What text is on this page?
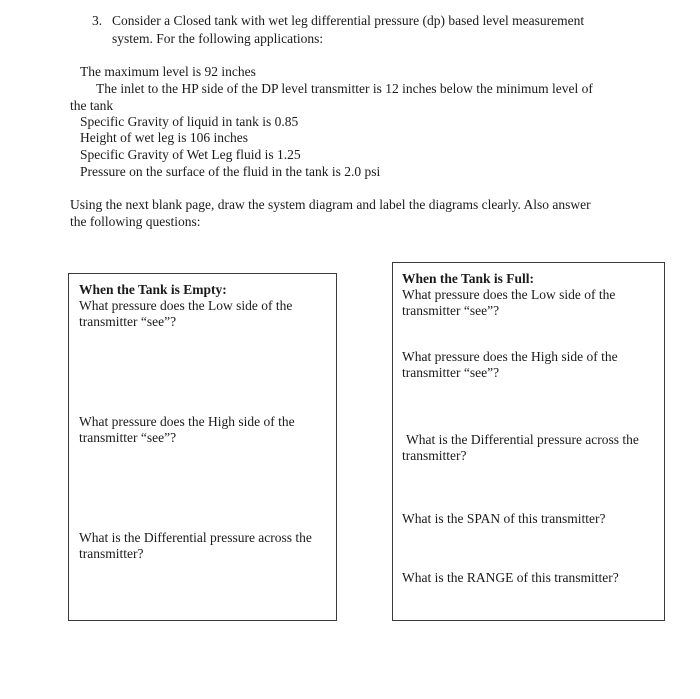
3. Consider a Closed tank with wet leg differential pressure (dp) based level measurement
system. For the following applications:
The maximum level is 92 inches
The inlet to the HP side of the DP level transmitter is 12 inches below the minimum level of
the tank
Specific Gravity of liquid in tank is 0.85
Height of wet leg is 106 inches
Specific Gravity of Wet Leg fluid is 1.25
Pressure on the surface of the fluid in the tank is 2.0 psi
Using the next blank page, draw the system diagram and label the diagrams clearly. Also answer
the following questions:
When the Tank is Empty:
What pressure does the Low side of the
transmitter “see”?
What pressure does the High side of the
transmitter “see”?
What is the Differential pressure across the
transmitter?
When the Tank is Full:
What pressure does the Low side of the
transmitter “see”?
What pressure does the High side of the
transmitter “see”?
What is the Differential pressure across the
transmitter?
What is the SPAN of this transmitter?
What is the RANGE of this transmitter?
